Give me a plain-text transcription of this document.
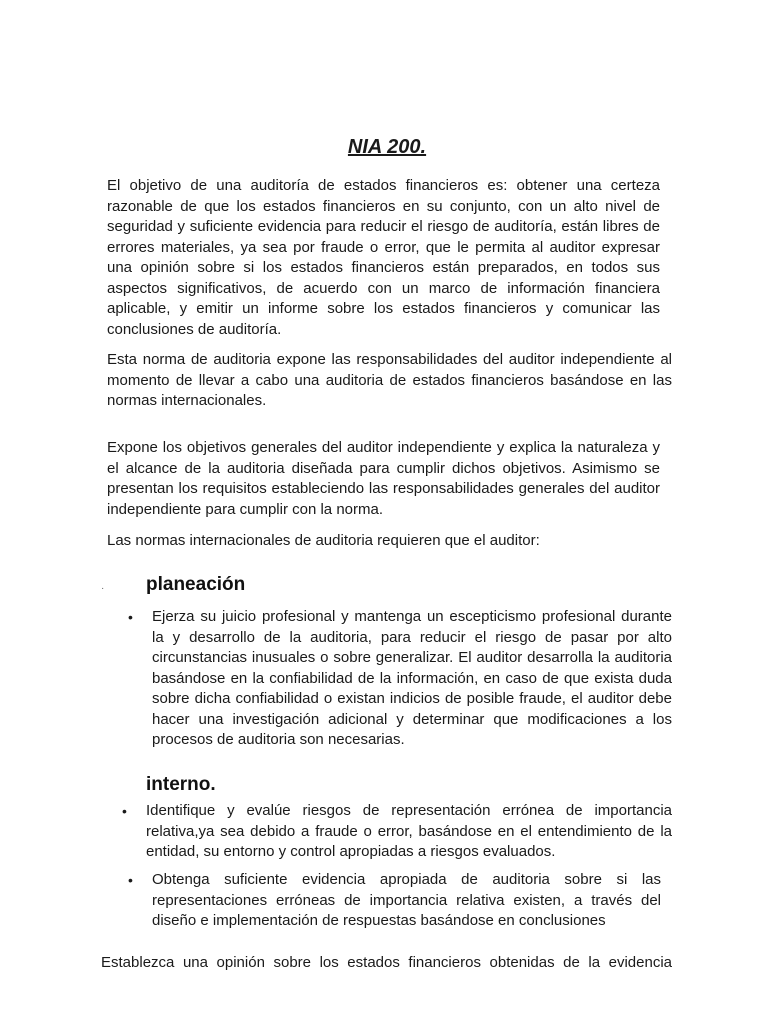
NIA 200.

El objetivo de una auditoría de estados financieros es: obtener una certeza razonable de que los estados financieros en su conjunto, con un alto nivel de seguridad y suficiente evidencia para reducir el riesgo de auditoría, están libres de errores materiales, ya sea por fraude o error, que le permita al auditor expresar una opinión sobre si los estados financieros están preparados, en todos sus aspectos significativos, de acuerdo con un marco de información financiera aplicable, y emitir un informe sobre los estados financieros y comunicar las conclusiones de auditoría.

Esta norma de auditoria expone las responsabilidades del auditor independiente al momento de llevar a cabo una auditoria de estados financieros basándose en las normas internacionales.

Expone los objetivos generales del auditor independiente y explica la naturaleza y el alcance de la auditoria diseñada para cumplir dichos objetivos. Asimismo se presentan los requisitos estableciendo las responsabilidades generales del auditor independiente para cumplir con la norma.

Las normas internacionales de auditoria requieren que el auditor:

· planeación
• Ejerza su juicio profesional y mantenga un escepticismo profesional durante la y desarrollo de la auditoria, para reducir el riesgo de pasar por alto circunstancias inusuales o sobre generalizar. El auditor desarrolla la auditoria basándose en la confiabilidad de la información, en caso de que exista duda sobre dicha confiabilidad o existan indicios de posible fraude, el auditor debe hacer una investigación adicional y determinar que modificaciones a los procesos de auditoria son necesarias.

interno.
• Identifique y evalúe riesgos de representación errónea de importancia relativa,ya sea debido a fraude o error, basándose en el entendimiento de la entidad, su entorno y control apropiadas a riesgos evaluados.

• Obtenga suficiente evidencia apropiada de auditoria sobre si las representaciones erróneas de importancia relativa existen, a través del diseño e implementación de respuestas basándose en conclusiones

Establezca una opinión sobre los estados financieros obtenidas de la evidencia
